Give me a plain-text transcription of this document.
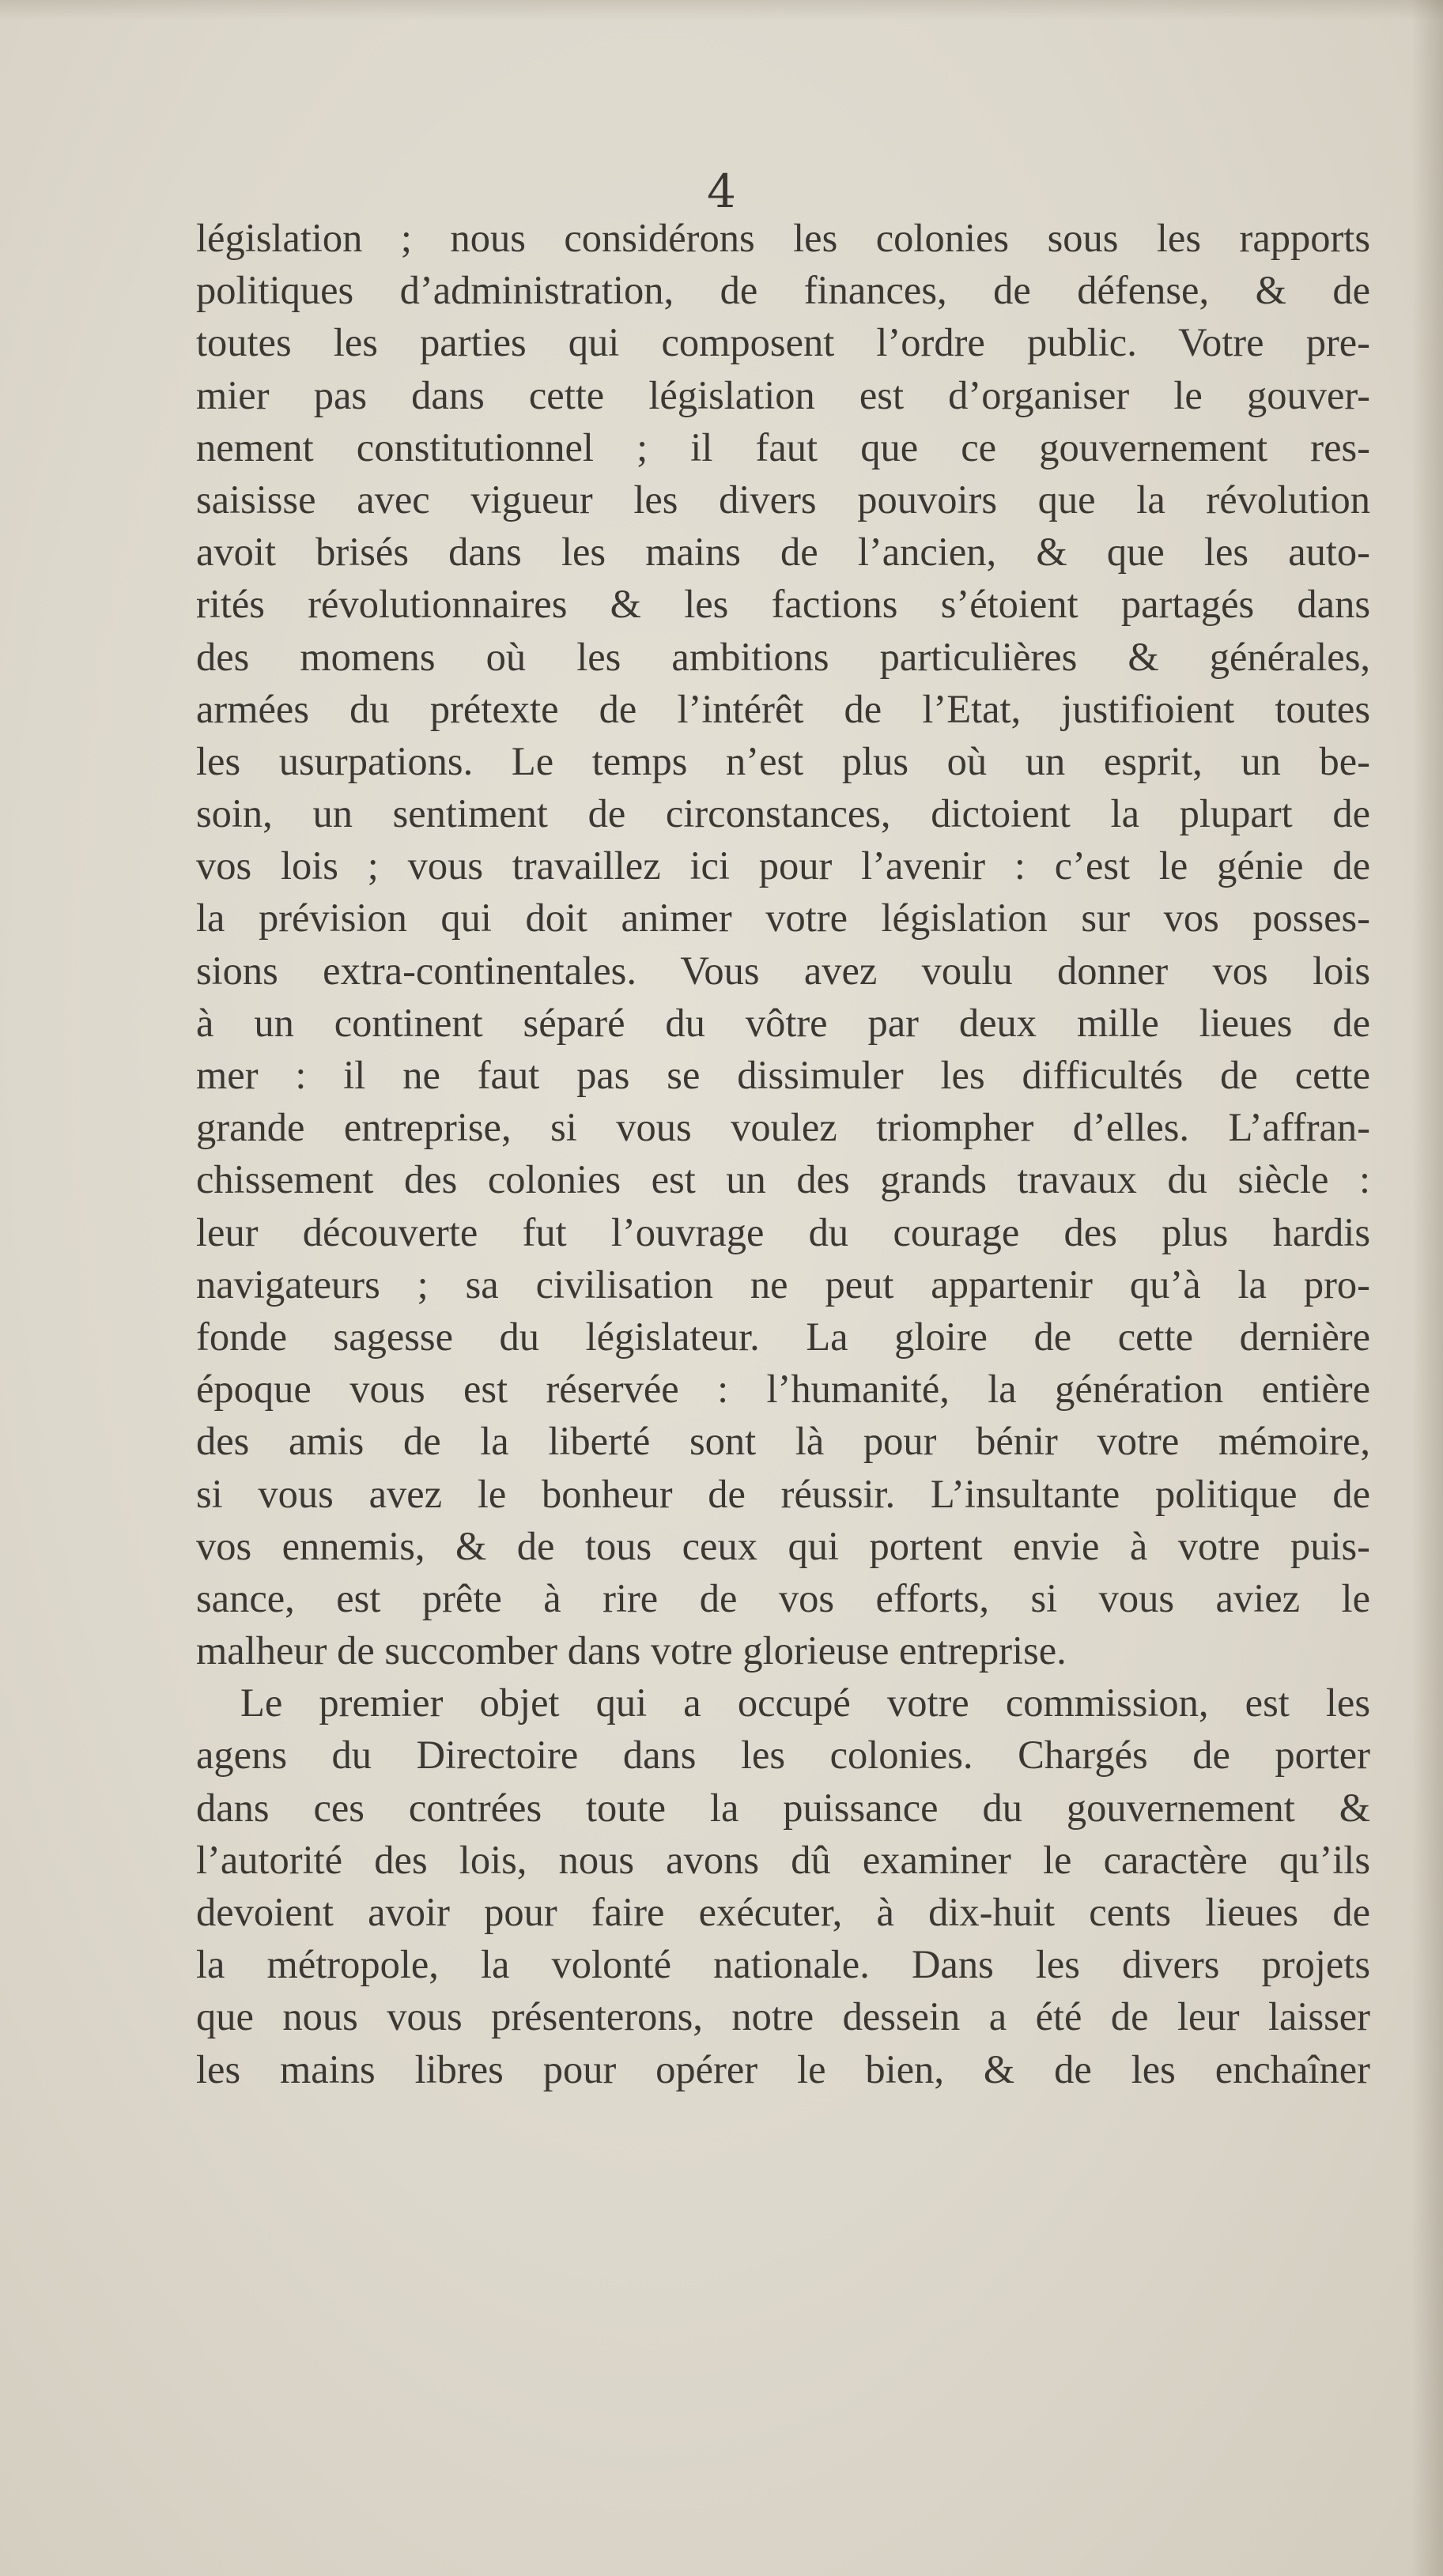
4
législation ; nous considérons les colonies sous les rapports
politiques d’administration, de finances, de défense, & de
toutes les parties qui composent l’ordre public. Votre pre-
mier pas dans cette législation est d’organiser le gouver-
nement constitutionnel ; il faut que ce gouvernement res-
saisisse avec vigueur les divers pouvoirs que la révolution
avoit brisés dans les mains de l’ancien, & que les auto-
rités révolutionnaires & les factions s’étoient partagés dans
des momens où les ambitions particulières & générales,
armées du prétexte de l’intérêt de l’Etat, justifioient toutes
les usurpations. Le temps n’est plus où un esprit, un be-
soin, un sentiment de circonstances, dictoient la plupart de
vos lois ; vous travaillez ici pour l’avenir : c’est le génie de
la prévision qui doit animer votre législation sur vos posses-
sions extra-continentales. Vous avez voulu donner vos lois
à un continent séparé du vôtre par deux mille lieues de
mer : il ne faut pas se dissimuler les difficultés de cette
grande entreprise, si vous voulez triompher d’elles. L’affran-
chissement des colonies est un des grands travaux du siècle :
leur découverte fut l’ouvrage du courage des plus hardis
navigateurs ; sa civilisation ne peut appartenir qu’à la pro-
fonde sagesse du législateur. La gloire de cette dernière
époque vous est réservée : l’humanité, la génération entière
des amis de la liberté sont là pour bénir votre mémoire,
si vous avez le bonheur de réussir. L’insultante politique de
vos ennemis, & de tous ceux qui portent envie à votre puis-
sance, est prête à rire de vos efforts, si vous aviez le
malheur de succomber dans votre glorieuse entreprise.
Le premier objet qui a occupé votre commission, est les
agens du Directoire dans les colonies. Chargés de porter
dans ces contrées toute la puissance du gouvernement &
l’autorité des lois, nous avons dû examiner le caractère qu’ils
devoient avoir pour faire exécuter, à dix-huit cents lieues de
la métropole, la volonté nationale. Dans les divers projets
que nous vous présenterons, notre dessein a été de leur laisser
les mains libres pour opérer le bien, & de les enchaîner
